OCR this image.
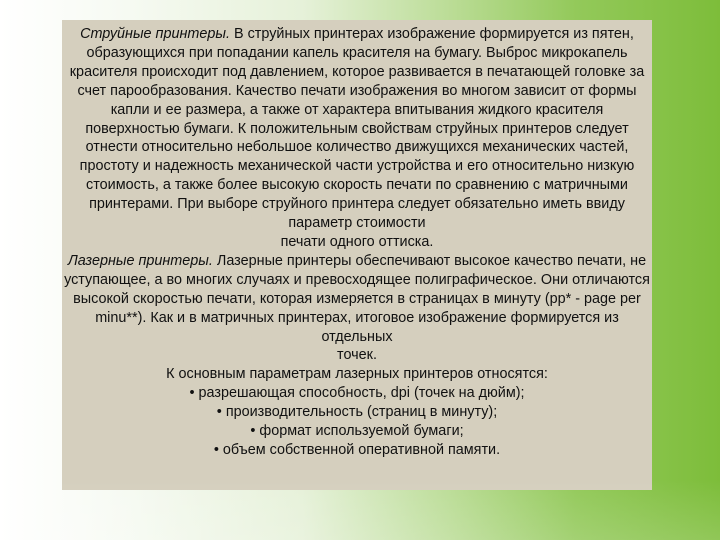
Струйные принтеры. В струйных принтерах изображение формируется из пятен, образующихся при попадании капель красителя на бумагу. Выброс микрокапель красителя происходит под давлением, которое развивается в печатающей головке за счет парообразования. Качество печати изображения во многом зависит от формы капли и ее размера, а также от характера впитывания жидкого красителя поверхностью бумаги. К положительным свойствам струйных принтеров следует отнести относительно небольшое количество движущихся механических частей, простоту и надежность механической части устройства и его относительно низкую стоимость, а также более высокую скорость печати по сравнению с матричными принтерами. При выборе струйного принтера следует обязательно иметь ввиду параметр стоимости

печати одного оттиска.

Лазерные принтеры. Лазерные принтеры обеспечивают высокое качество печати, не уступающее, а во многих случаях и превосходящее полиграфическое. Они отличаются высокой скоростью печати, которая измеряется в страницах в минуту (pp* - page per minu**). Как и в матричных принтерах, итоговое изображение формируется из отдельных

точек.

К основным параметрам лазерных принтеров относятся:

• разрешающая способность, dpi (точек на дюйм);

• производительность (страниц в минуту);

• формат используемой бумаги;

• объем собственной оперативной памяти.
